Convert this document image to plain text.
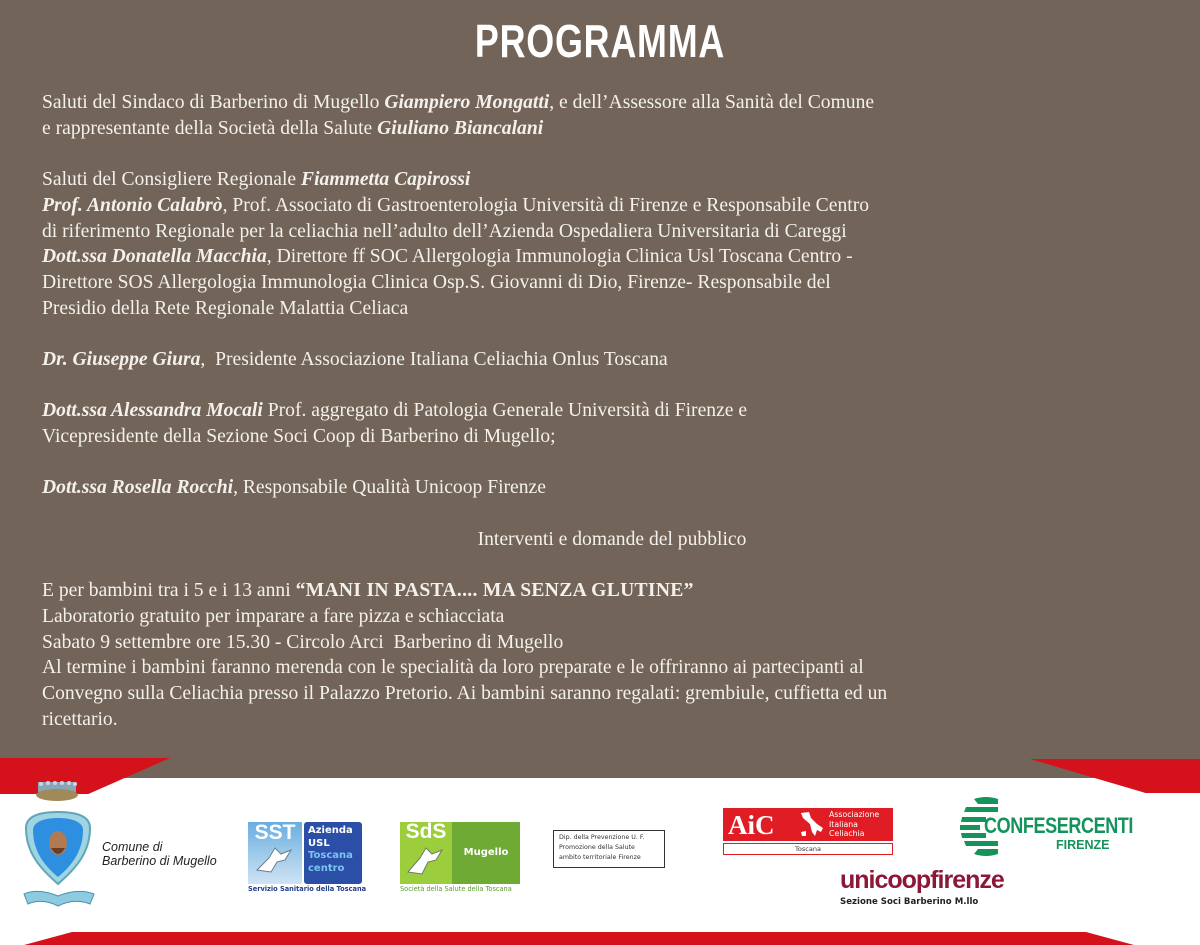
PROGRAMMA

Saluti del Sindaco di Barberino di Mugello Giampiero Mongatti, e dell’Assessore alla Sanità del Comune
e rappresentante della Società della Salute Giuliano Biancalani

Saluti del Consigliere Regionale Fiammetta Capirossi

Prof. Antonio Calabrò, Prof. Associato di Gastroenterologia Università di Firenze e Responsabile Centro
di riferimento Regionale per la celiachia nell’adulto dell’Azienda Ospedaliera Universitaria di Careggi

Dott.ssa Donatella Macchia, Direttore ff SOC Allergologia Immunologia Clinica Usl Toscana Centro -
Direttore SOS Allergologia Immunologia Clinica Osp.S. Giovanni di Dio, Firenze- Responsabile del
Presidio della Rete Regionale Malattia Celiaca

Dr. Giuseppe Giura,  Presidente Associazione Italiana Celiachia Onlus Toscana

Dott.ssa Alessandra Mocali Prof. aggregato di Patologia Generale Università di Firenze e
Vicepresidente della Sezione Soci Coop di Barberino di Mugello;

Dott.ssa Rosella Rocchi, Responsabile Qualità Unicoop Firenze

Interventi e domande del pubblico

E per bambini tra i 5 e i 13 anni “MANI IN PASTA.... MA SENZA GLUTINE”
Laboratorio gratuito per imparare a fare pizza e schiacciata
Sabato 9 settembre ore 15.30 - Circolo Arci  Barberino di Mugello
Al termine i bambini faranno merenda con le specialità da loro preparate e le offriranno ai partecipanti al
Convegno sulla Celiachia presso il Palazzo Pretorio. Ai bambini saranno regalati: grembiule, cuffietta ed un
ricettario.

Comune di
Barberino di Mugello
SST	Azienda
USL
Toscana
centro
Servizio Sanitario della Toscana
SdS
Mugello
Società della Salute della Toscana
Dip. della Prevenzione U. F.
Promozione della Salute
ambito territoriale Firenze
AiC	Associazione
Italiana
Celiachia
Toscana
CONFESERCENTI
FIRENZE
unicoopfirenze
Sezione Soci Barberino M.llo
